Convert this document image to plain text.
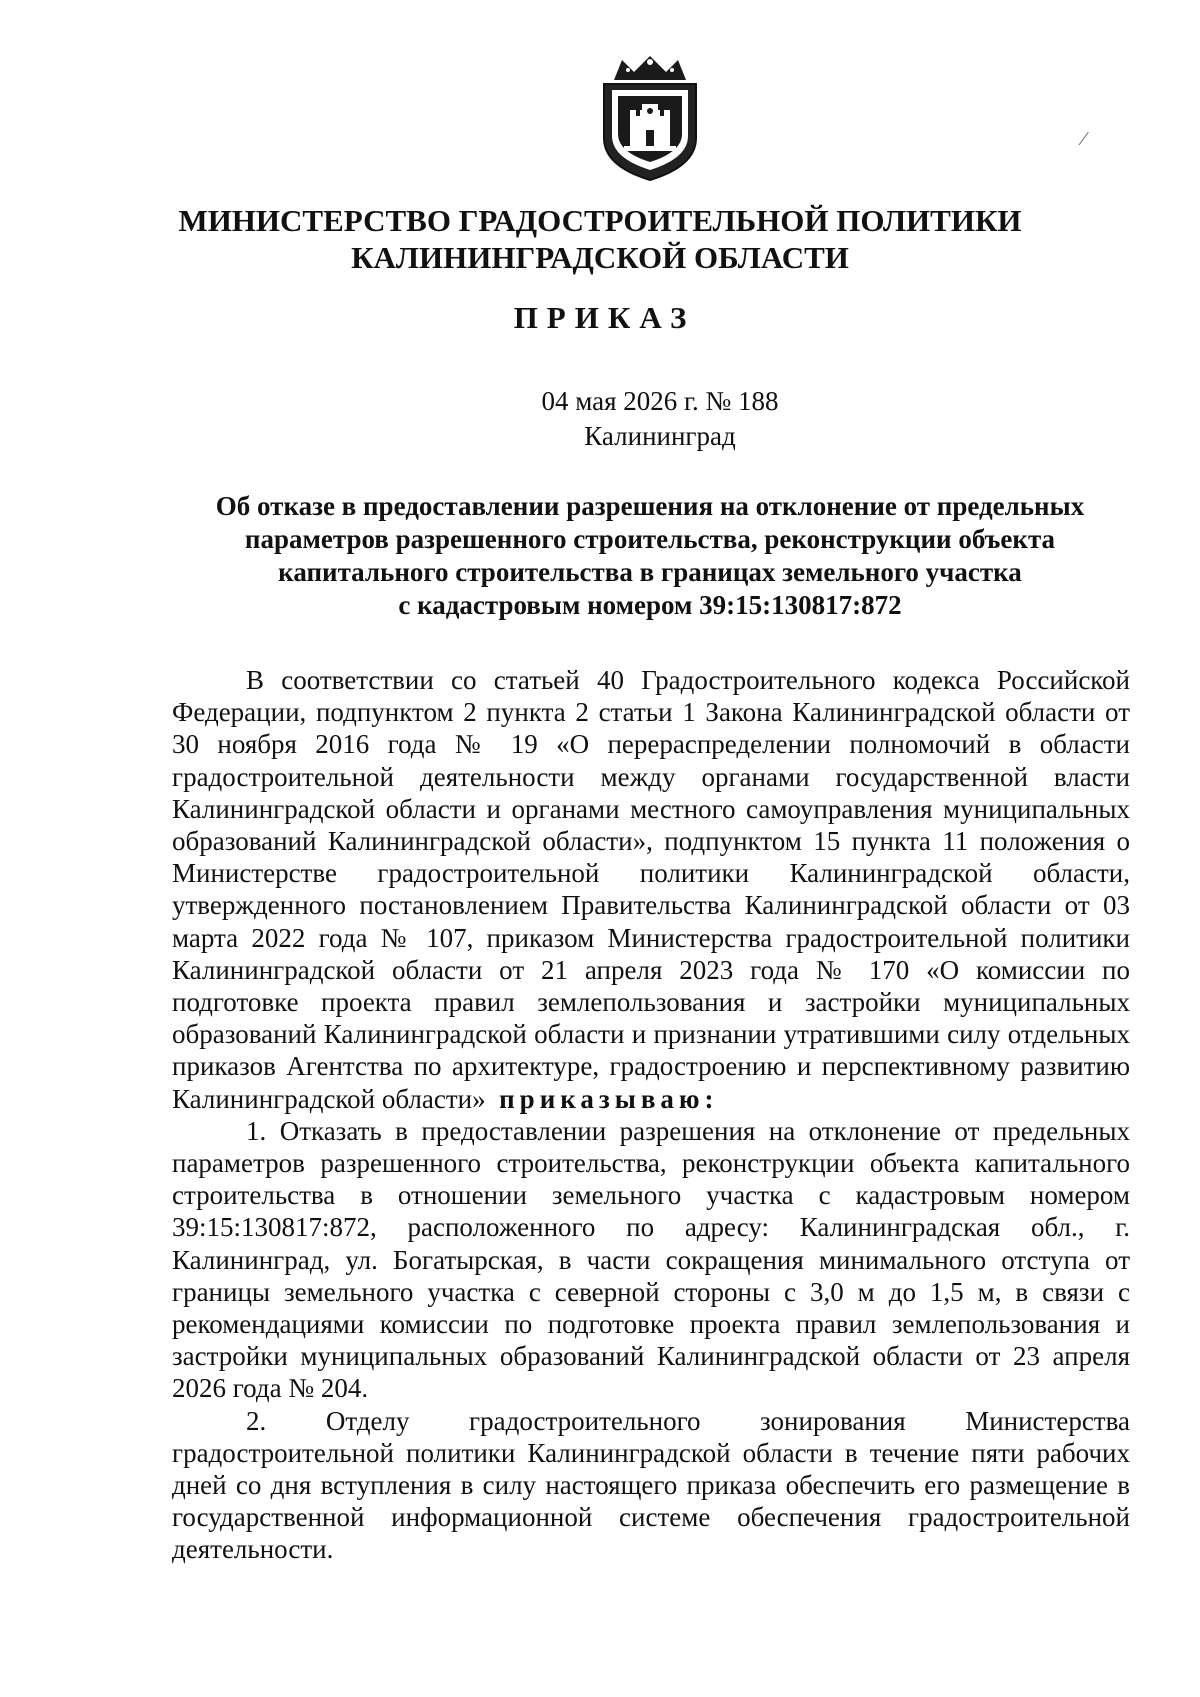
МИНИСТЕРСТВО ГРАДОСТРОИТЕЛЬНОЙ ПОЛИТИКИ
КАЛИНИНГРАДСКОЙ ОБЛАСТИ
ПРИКАЗ
04 мая 2026 г. № 188
Калининград
Об отказе в предоставлении разрешения на отклонение от предельных
параметров разрешенного строительства, реконструкции объекта
капитального строительства в границах земельного участка
с кадастровым номером 39:15:130817:872

В соответствии со статьей 40 Градостроительного кодекса Российской Федерации, подпунктом 2 пункта 2 статьи 1 Закона Калининградской области от 30 ноября 2016 года № 19 «О перераспределении полномочий в области градостроительной деятельности между органами государственной власти Калининградской области и органами местного самоуправления муниципальных образований Калининградской области», подпунктом 15 пункта 11 положения о Министерстве градостроительной политики Калининградской области, утвержденного постановлением Правительства Калининградской области от 03 марта 2022 года № 107, приказом Министерства градостроительной политики Калининградской области от 21 апреля 2023 года № 170 «О комиссии по подготовке проекта правил землепользования и застройки муниципальных образований Калининградской области и признании утратившими силу отдельных приказов Агентства по архитектуре, градостроению и перспективному развитию Калининградской области» приказываю:

1. Отказать в предоставлении разрешения на отклонение от предельных параметров разрешенного строительства, реконструкции объекта капитального строительства в отношении земельного участка с кадастровым номером 39:15:130817:872, расположенного по адресу: Калининградская обл., г. Калининград, ул. Богатырская, в части сокращения минимального отступа от границы земельного участка с северной стороны с 3,0 м до 1,5 м, в связи с рекомендациями комиссии по подготовке проекта правил землепользования и застройки муниципальных образований Калининградской области от 23 апреля 2026 года № 204.

2. Отделу градостроительного зонирования Министерства градостроительной политики Калининградской области в течение пяти рабочих дней со дня вступления в силу настоящего приказа обеспечить его размещение в государственной информационной системе обеспечения градостроительной деятельности.

⁄
